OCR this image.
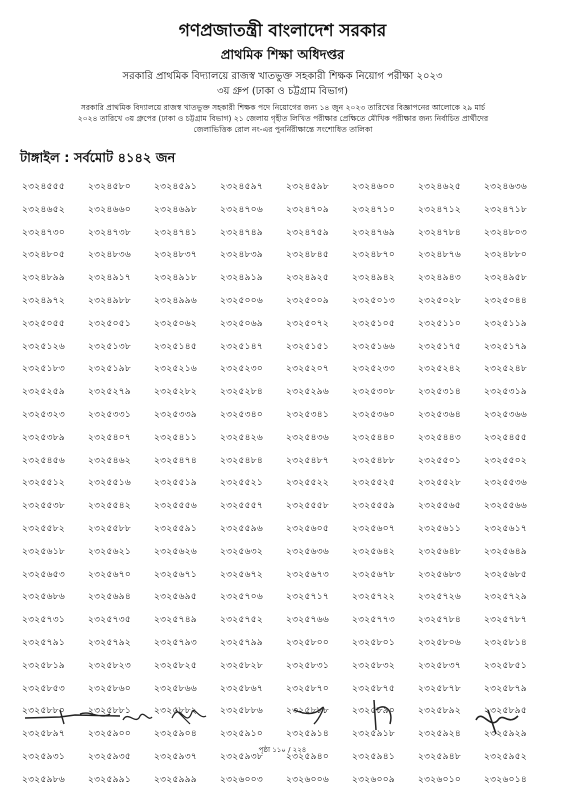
গণপ্রজাতন্ত্রী বাংলাদেশ সরকার
প্রাথমিক শিক্ষা অধিদপ্তর
সরকারি প্রাথমিক বিদ্যালয়ে রাজস্ব খাতভুক্ত সহকারী শিক্ষক নিয়োগ পরীক্ষা ২০২৩
৩য় গ্রুপ (ঢাকা ও চট্টগ্রাম বিভাগ)
সরকারি প্রাথমিক বিদ্যালয়ে রাজস্ব খাতভুক্ত সহকারী শিক্ষক পদে নিয়োগের জন্য ১৪ জুন ২০২৩ তারিখের বিজ্ঞাপনের আলোকে ২৯ মার্চ
২০২৪ তারিখে ৩য় গ্রুপের (ঢাকা ও চট্টগ্রাম বিভাগ) ২১ জেলায় গৃহীত লিখিত পরীক্ষার প্রেক্ষিতে মৌখিক পরীক্ষার জন্য নির্বাচিত প্রার্থীদের
জেলাভিত্তিক রোল নং-এর পুনর্নিরীক্ষান্তে সংশোধিত তালিকা
টাঙ্গাইল : সর্বমোট ৪১৪২ জন
২৩২৪৫৫৫	২৩২৪৫৮০	২৩২৪৫৯১	২৩২৪৫৯৭	২৩২৪৫৯৮	২৩২৪৬০০	২৩২৪৬২৫	২৩২৪৬৩৬
২৩২৪৬৫২	২৩২৪৬৬০	২৩২৪৬৯৮	২৩২৪৭০৬	২৩২৪৭০৯	২৩২৪৭১০	২৩২৪৭১২	২৩২৪৭১৮
২৩২৪৭৩০	২৩২৪৭৩৮	২৩২৪৭৪১	২৩২৪৭৪৯	২৩২৪৭৫৯	২৩২৪৭৬৯	২৩২৪৭৮৪	২৩২৪৮০৩
২৩২৪৮০৫	২৩২৪৮৩৬	২৩২৪৮৩৭	২৩২৪৮৩৯	২৩২৪৮৪৫	২৩২৪৮৭০	২৩২৪৮৭৬	২৩২৪৮৮০
২৩২৪৮৯৯	২৩২৪৯১৭	২৩২৪৯১৮	২৩২৪৯১৯	২৩২৪৯২৫	২৩২৪৯৪২	২৩২৪৯৪৩	২৩২৪৯৫৮
২৩২৪৯৭২	২৩২৪৯৮৮	২৩২৪৯৯৬	২৩২৫০০৬	২৩২৫০০৯	২৩২৫০১৩	২৩২৫০২৮	২৩২৫০৪৪
২৩২৫০৫৫	২৩২৫০৫১	২৩২৫০৬২	২৩২৫০৬৯	২৩২৫০৭২	২৩২৫১০৫	২৩২৫১১০	২৩২৫১১৯
২৩২৫১২৬	২৩২৫১৩৮	২৩২৫১৪৫	২৩২৫১৪৭	২৩২৫১৫১	২৩২৫১৬৬	২৩২৫১৭৫	২৩২৫১৭৯
২৩২৫১৮৩	২৩২৫১৯৮	২৩২৫২১৬	২৩২৫২৩০	২৩২৫২০৭	২৩২৫২৩৩	২৩২৫২৪২	২৩২৫২৪৮
২৩২৫২৫৯	২৩২৫২৭৯	২৩২৫২৮২	২৩২৫২৮৪	২৩২৫২৯৬	২৩২৫৩০৮	২৩২৫৩১৪	২৩২৫৩১৯
২৩২৫৩২৩	২৩২৫৩৩১	২৩২৫৩৩৯	২৩২৫৩৪০	২৩২৫৩৪১	২৩২৫৩৬০	২৩২৫৩৬৪	২৩২৫৩৬৬
২৩২৫৩৮৯	২৩২৫৪০৭	২৩২৫৪১১	২৩২৫৪২৬	২৩২৫৪৩৬	২৩২৫৪৪০	২৩২৫৪৪৩	২৩২৫৪৫৫
২৩২৫৪৫৬	২৩২৫৪৬২	২৩২৫৪৭৪	২৩২৫৪৮৪	২৩২৫৪৮৭	২৩২৫৪৮৮	২৩২৫৫০১	২৩২৫৫০২
২৩২৫৫১২	২৩২৫৫১৬	২৩২৫৫১৯	২৩২৫৫২১	২৩২৫৫২২	২৩২৫৫২৫	২৩২৫৫২৮	২৩২৫৫৩৬
২৩২৫৫৩৮	২৩২৫৫৪২	২৩২৫৫৫৬	২৩২৫৫৫৭	২৩২৫৫৫৮	২৩২৫৫৫৯	২৩২৫৫৬৫	২৩২৫৫৬৬
২৩২৫৫৮২	২৩২৫৫৮৮	২৩২৫৫৯১	২৩২৫৫৯৬	২৩২৫৬০৫	২৩২৫৬০৭	২৩২৫৬১১	২৩২৫৬১৭
২৩২৫৬১৮	২৩২৫৬২১	২৩২৫৬২৬	২৩২৫৬৩২	২৩২৫৬৩৬	২৩২৫৬৪২	২৩২৫৬৪৮	২৩২৫৬৪৯
২৩২৫৬৫৩	২৩২৫৬৭০	২৩২৫৬৭১	২৩২৫৬৭২	২৩২৫৬৭৩	২৩২৫৬৭৮	২৩২৫৬৮৩	২৩২৫৬৮৫
২৩২৫৬৮৬	২৩২৫৬৯৪	২৩২৫৬৯৫	২৩২৫৭০৬	২৩২৫৭১৭	২৩২৫৭২২	২৩২৫৭২৬	২৩২৫৭২৯
২৩২৫৭৩১	২৩২৫৭৩৫	২৩২৫৭৪৯	২৩২৫৭৫২	২৩২৫৭৬৬	২৩২৫৭৭৩	২৩২৫৭৮৪	২৩২৫৭৮৭
২৩২৫৭৯১	২৩২৫৭৯২	২৩২৫৭৯৩	২৩২৫৭৯৯	২৩২৫৮০০	২৩২৫৮০১	২৩২৫৮০৬	২৩২৫৮১৪
২৩২৫৮১৯	২৩২৫৮২৩	২৩২৫৮২৫	২৩২৫৮২৮	২৩২৫৮৩১	২৩২৫৮৩২	২৩২৫৮৩৭	২৩২৫৮৫১
২৩২৫৮৫৩	২৩২৫৮৬০	২৩২৫৮৬৬	২৩২৫৮৬৭	২৩২৫৮৭০	২৩২৫৮৭৫	২৩২৫৮৭৮	২৩২৫৮৭৯
২৩২৫৮৮০	২৩২৫৮৮১	২৩২৫৮৮২	২৩২৫৮৮৬	২৩২৫৮৮৮	২৩২৫৮৯০	২৩২৫৮৯২	২৩২৫৮৯৫
২৩২৫৮৯৭	২৩২৫৯০০	২৩২৫৯০৪	২৩২৫৯১০	২৩২৫৯১৪	২৩২৫৯১৮	২৩২৫৯২৪	২৩২৫৯২৯
২৩২৫৯৩১	২৩২৫৯৩৫	২৩২৫৯৩৭	২৩২৫৯৩৮	২৩২৫৯৪০	২৩২৫৯৪১	২৩২৫৯৪৮	২৩২৫৯৫২
২৩২৫৯৮৬	২৩২৫৯৯১	২৩২৫৯৯৯	২৩২৬০০৩	২৩২৬০০৬	২৩২৬০০৯	২৩২৬০১০	২৩২৬০১৪
পৃষ্ঠা ১১০ / ২২৪
